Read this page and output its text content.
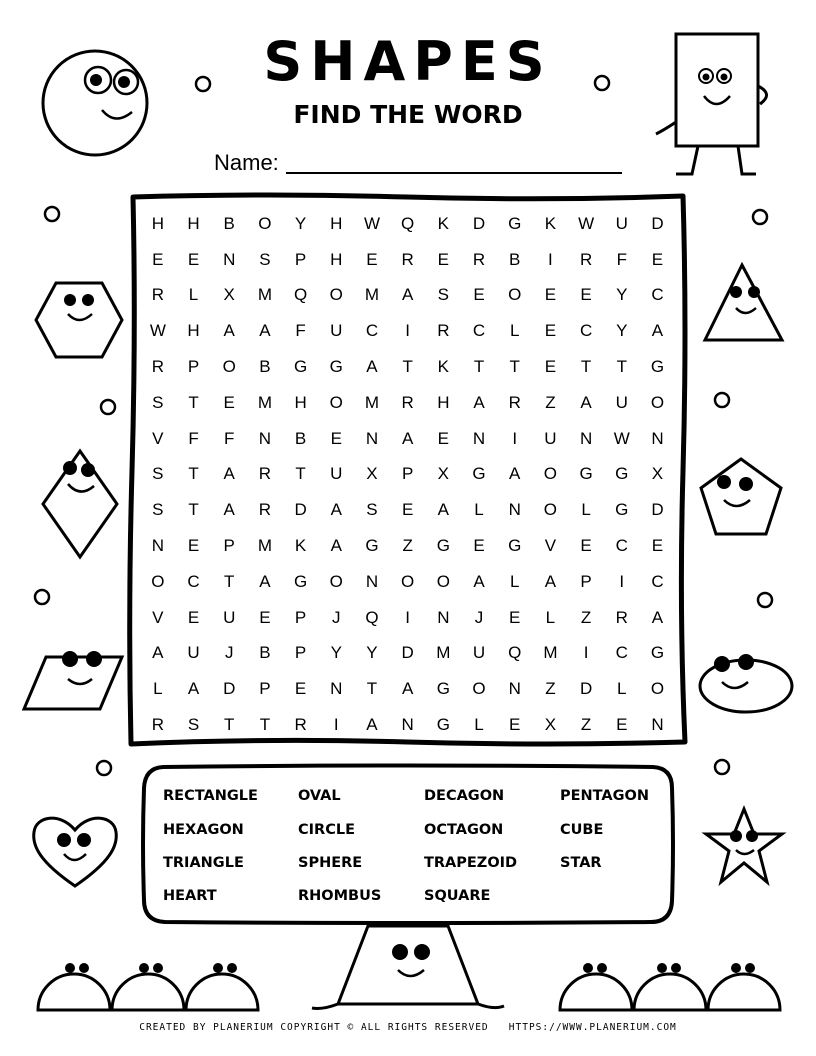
SHAPES
FIND THE WORD
Name:
H	H	B	O	Y	H	W	Q	K	D	G	K	W	U	D
E	E	N	S	P	H	E	R	E	R	B	I	R	F	E
R	L	X	M	Q	O	M	A	S	E	O	E	E	Y	C
W	H	A	A	F	U	C	I	R	C	L	E	C	Y	A
R	P	O	B	G	G	A	T	K	T	T	E	T	T	G
S	T	E	M	H	O	M	R	H	A	R	Z	A	U	O
V	F	F	N	B	E	N	A	E	N	I	U	N	W	N
S	T	A	R	T	U	X	P	X	G	A	O	G	G	X
S	T	A	R	D	A	S	E	A	L	N	O	L	G	D
N	E	P	M	K	A	G	Z	G	E	G	V	E	C	E
O	C	T	A	G	O	N	O	O	A	L	A	P	I	C
V	E	U	E	P	J	Q	I	N	J	E	L	Z	R	A
A	U	J	B	P	Y	Y	D	M	U	Q	M	I	C	G
L	A	D	P	E	N	T	A	G	O	N	Z	D	L	O
R	S	T	T	R	I	A	N	G	L	E	X	Z	E	N
RECTANGLE
HEXAGON
TRIANGLE
HEART
OVAL
CIRCLE
SPHERE
RHOMBUS
DECAGON
OCTAGON
TRAPEZOID
SQUARE
PENTAGON
CUBE
STAR
CREATED BY PLANERIUM COPYRIGHT © ALL RIGHTS RESERVED   HTTPS://WWW.PLANERIUM.COM
